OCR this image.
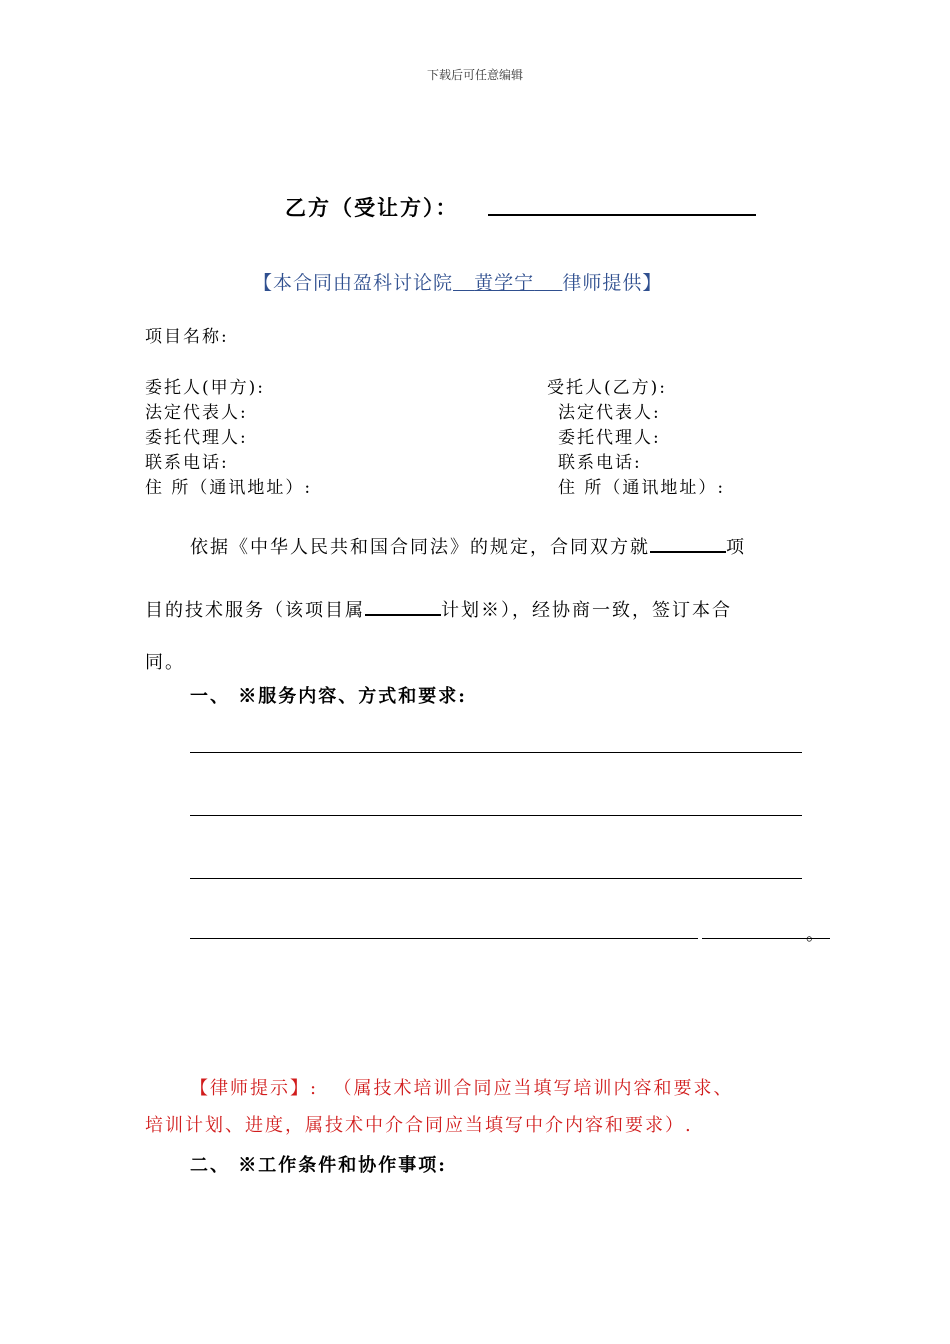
下载后可任意编辑
乙方（受让方）：
【本合同由盈科讨论院 黄学宁 律师提供】
项目名称:
委托人(甲方):
法定代表人:
委托代理人:
联系电话:
住 所（通讯地址）:
受托人(乙方):
法定代表人:
委托代理人:
联系电话:
住 所（通讯地址）:
依据《中华人民共和国合同法》的规定，合同双方就	项
目的技术服务（该项目属	计划※），经协商一致，签订本合
同。
一、 ※服务内容、方式和要求:
。
【律师提示】: （属技术培训合同应当填写培训内容和要求、
培训计划、进度，属技术中介合同应当填写中介内容和要求）.
二、 ※工作条件和协作事项:
